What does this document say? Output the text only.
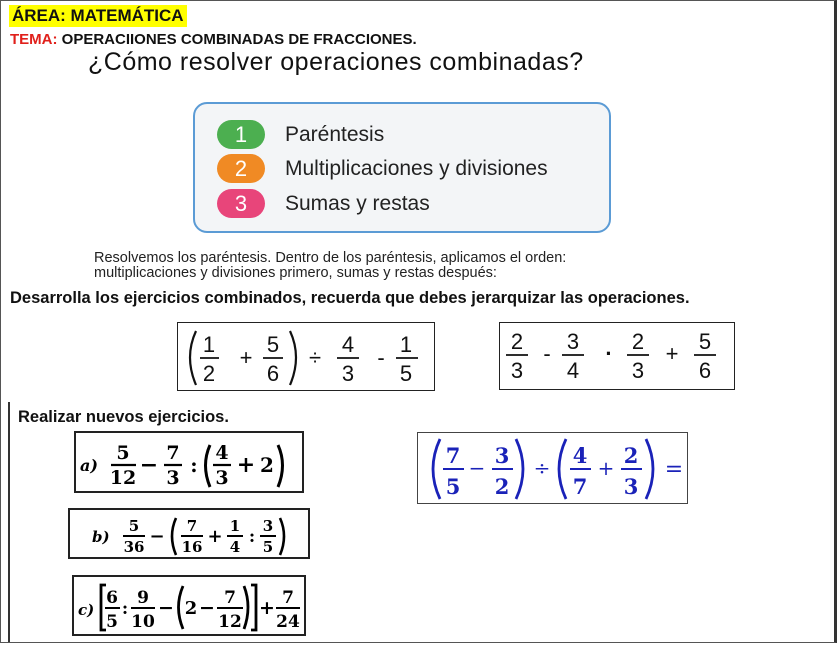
ÁREA: MATEMÁTICA
TEMA: OPERACIIONES COMBINADAS DE FRACCIONES.
¿Cómo resolver operaciones combinadas?
1	Paréntesis
2	Multiplicaciones y divisiones
3	Sumas y restas
Resolvemos los paréntesis. Dentro de los paréntesis, aplicamos el orden:
multiplicaciones y divisiones primero, sumas y restas después:
Desarrolla los ejercicios combinados, recuerda que debes jerarquizar las operaciones.
1
2
+
5
6
÷
4
3
-
1
5
2
3
- 3
4
· 2
3
+ 5
6
Realizar nuevos ejercicios.
a)
5
12 − 7
3
: 4
3 + 2
b)
5
36 − 7
16 + 1
4 :
3
5
c)
6
5
:
9
10
− 2 − 7
12
+ 7
24
7
5
− 3
2
÷ 4
7
+ 2
3
=
